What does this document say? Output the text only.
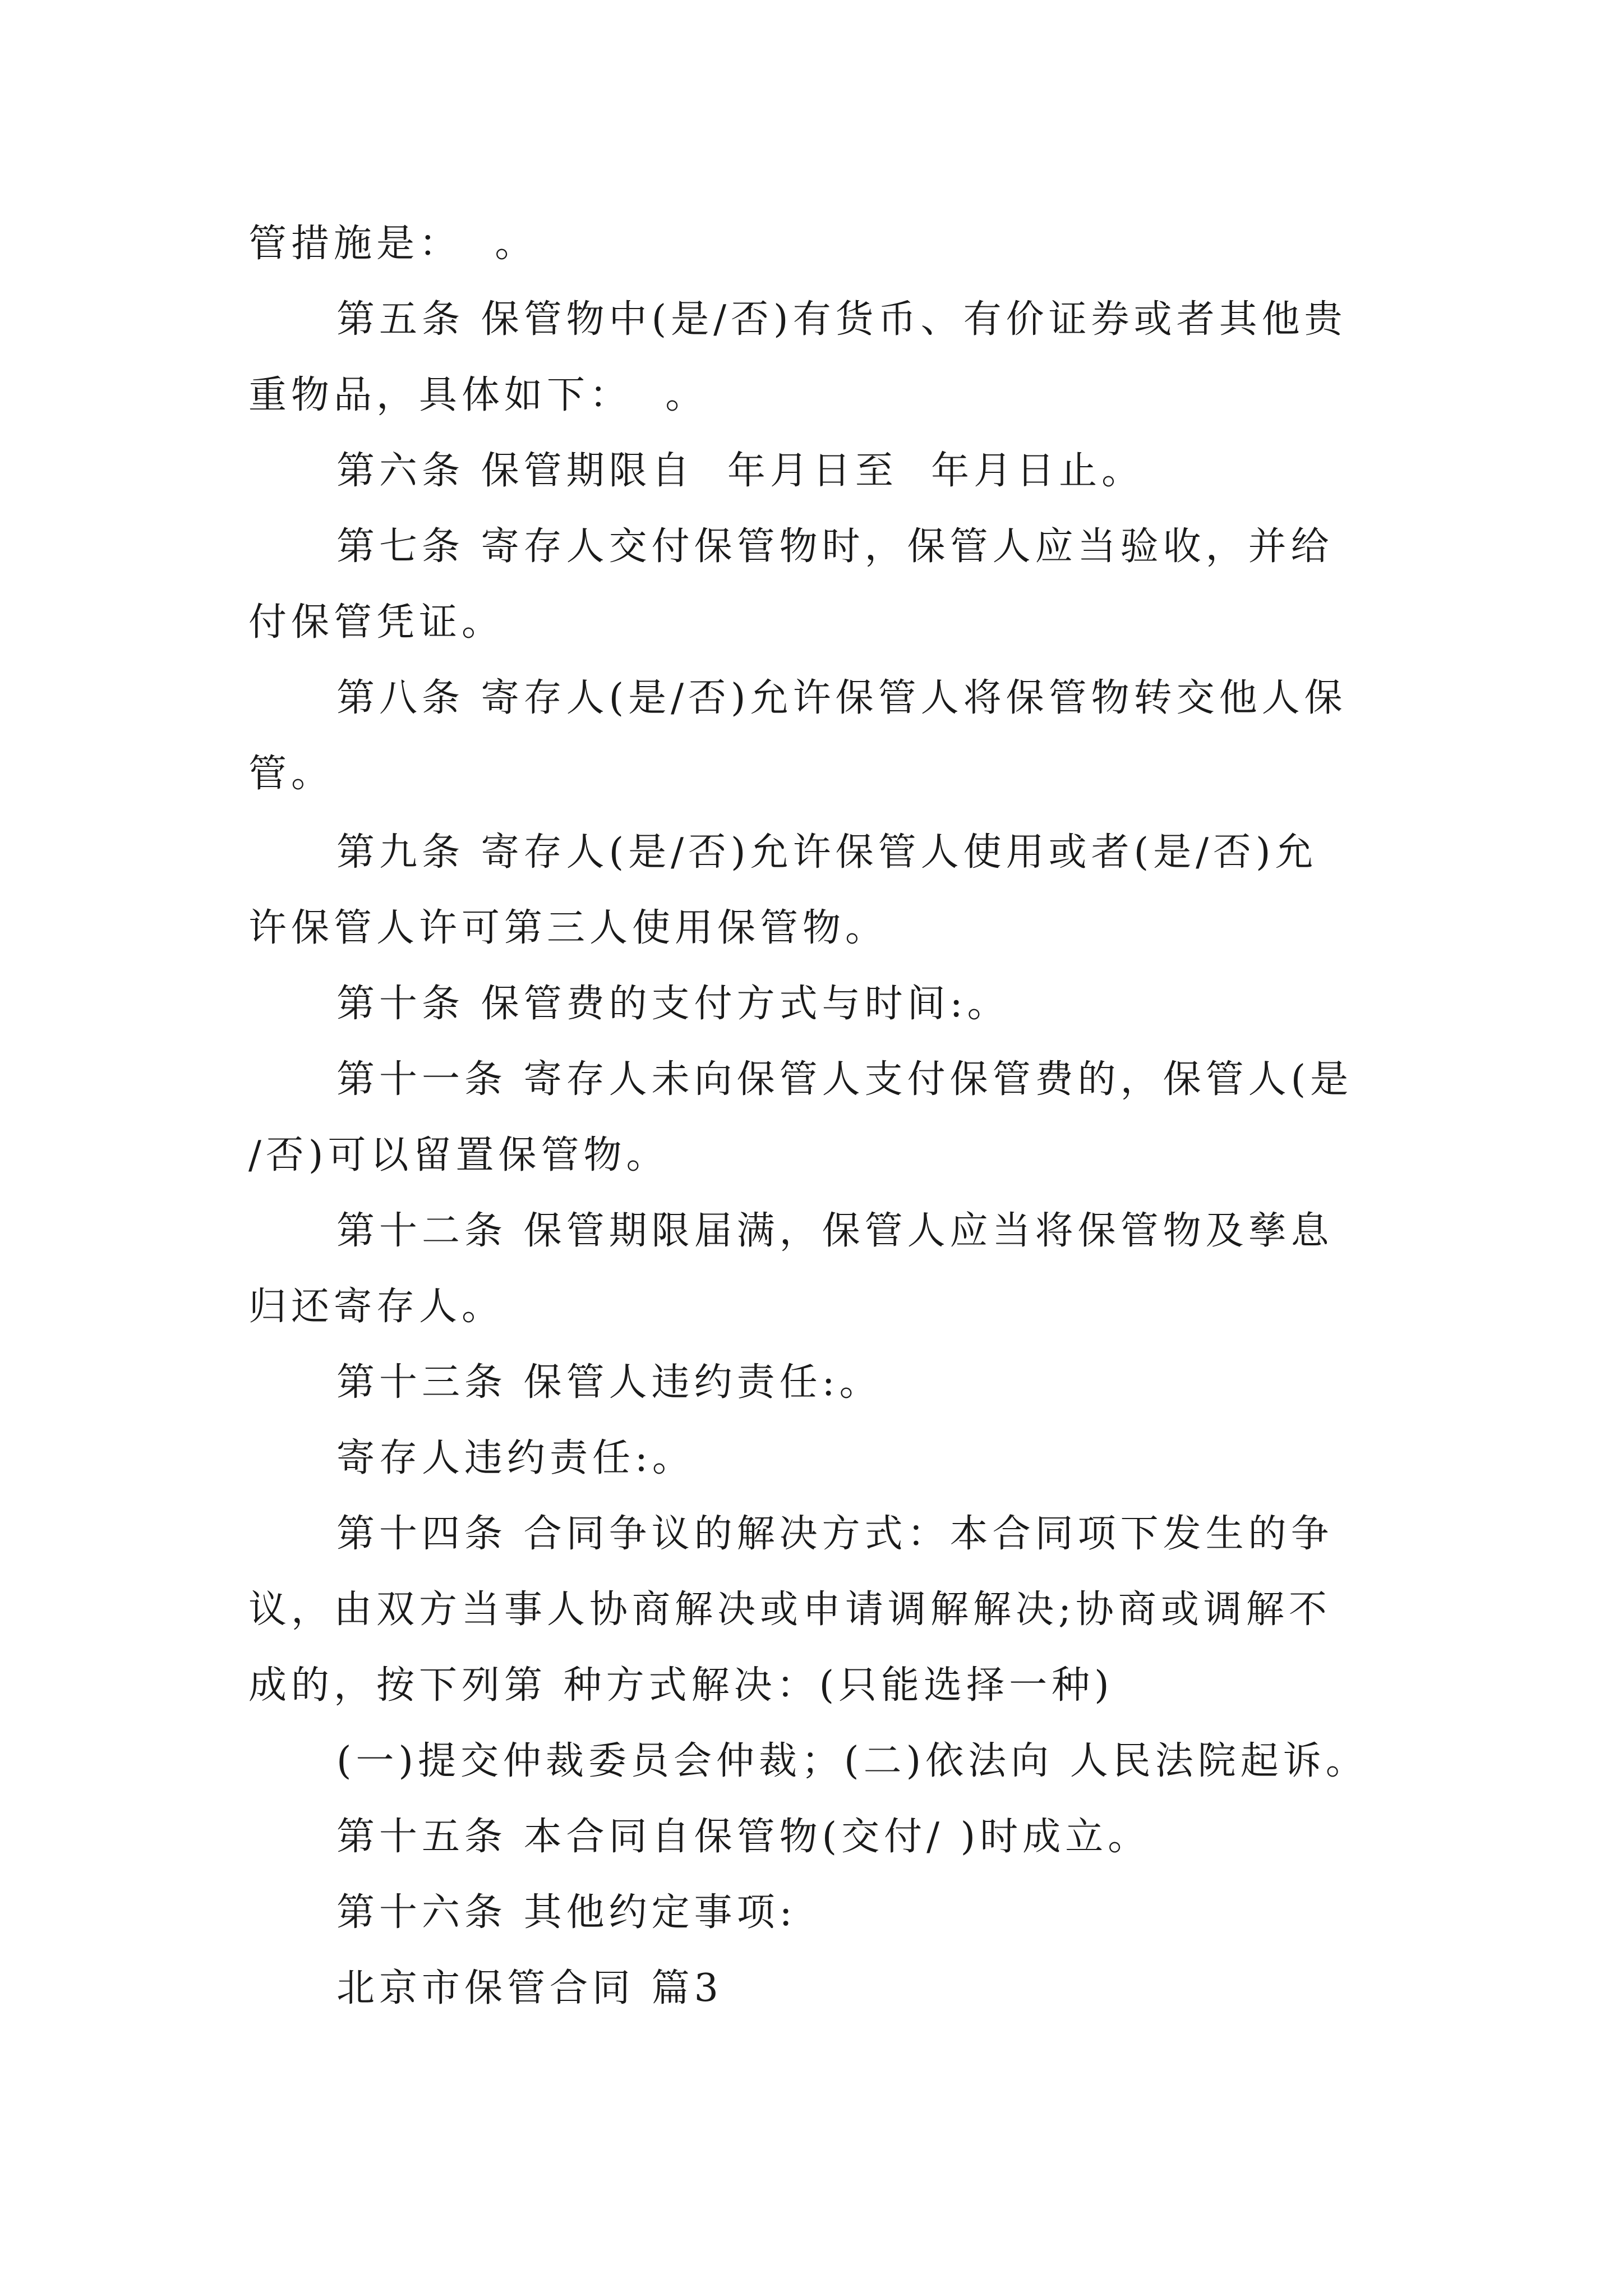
管措施是：  。
第五条 保管物中(是/否)有货币、有价证券或者其他贵
重物品，具体如下：  。
第六条 保管期限自  年月日至  年月日止。
第七条 寄存人交付保管物时，保管人应当验收，并给
付保管凭证。
第八条 寄存人(是/否)允许保管人将保管物转交他人保
管。
第九条 寄存人(是/否)允许保管人使用或者(是/否)允
许保管人许可第三人使用保管物。
第十条 保管费的支付方式与时间:。
第十一条 寄存人未向保管人支付保管费的，保管人(是
/否)可以留置保管物。
第十二条 保管期限届满，保管人应当将保管物及孳息
归还寄存人。
第十三条 保管人违约责任:。
寄存人违约责任:。
第十四条 合同争议的解决方式：本合同项下发生的争
议，由双方当事人协商解决或申请调解解决;协商或调解不
成的，按下列第 种方式解决：(只能选择一种)
(一)提交仲裁委员会仲裁；(二)依法向 人民法院起诉。
第十五条 本合同自保管物(交付/ )时成立。
第十六条 其他约定事项:
北京市保管合同 篇3
